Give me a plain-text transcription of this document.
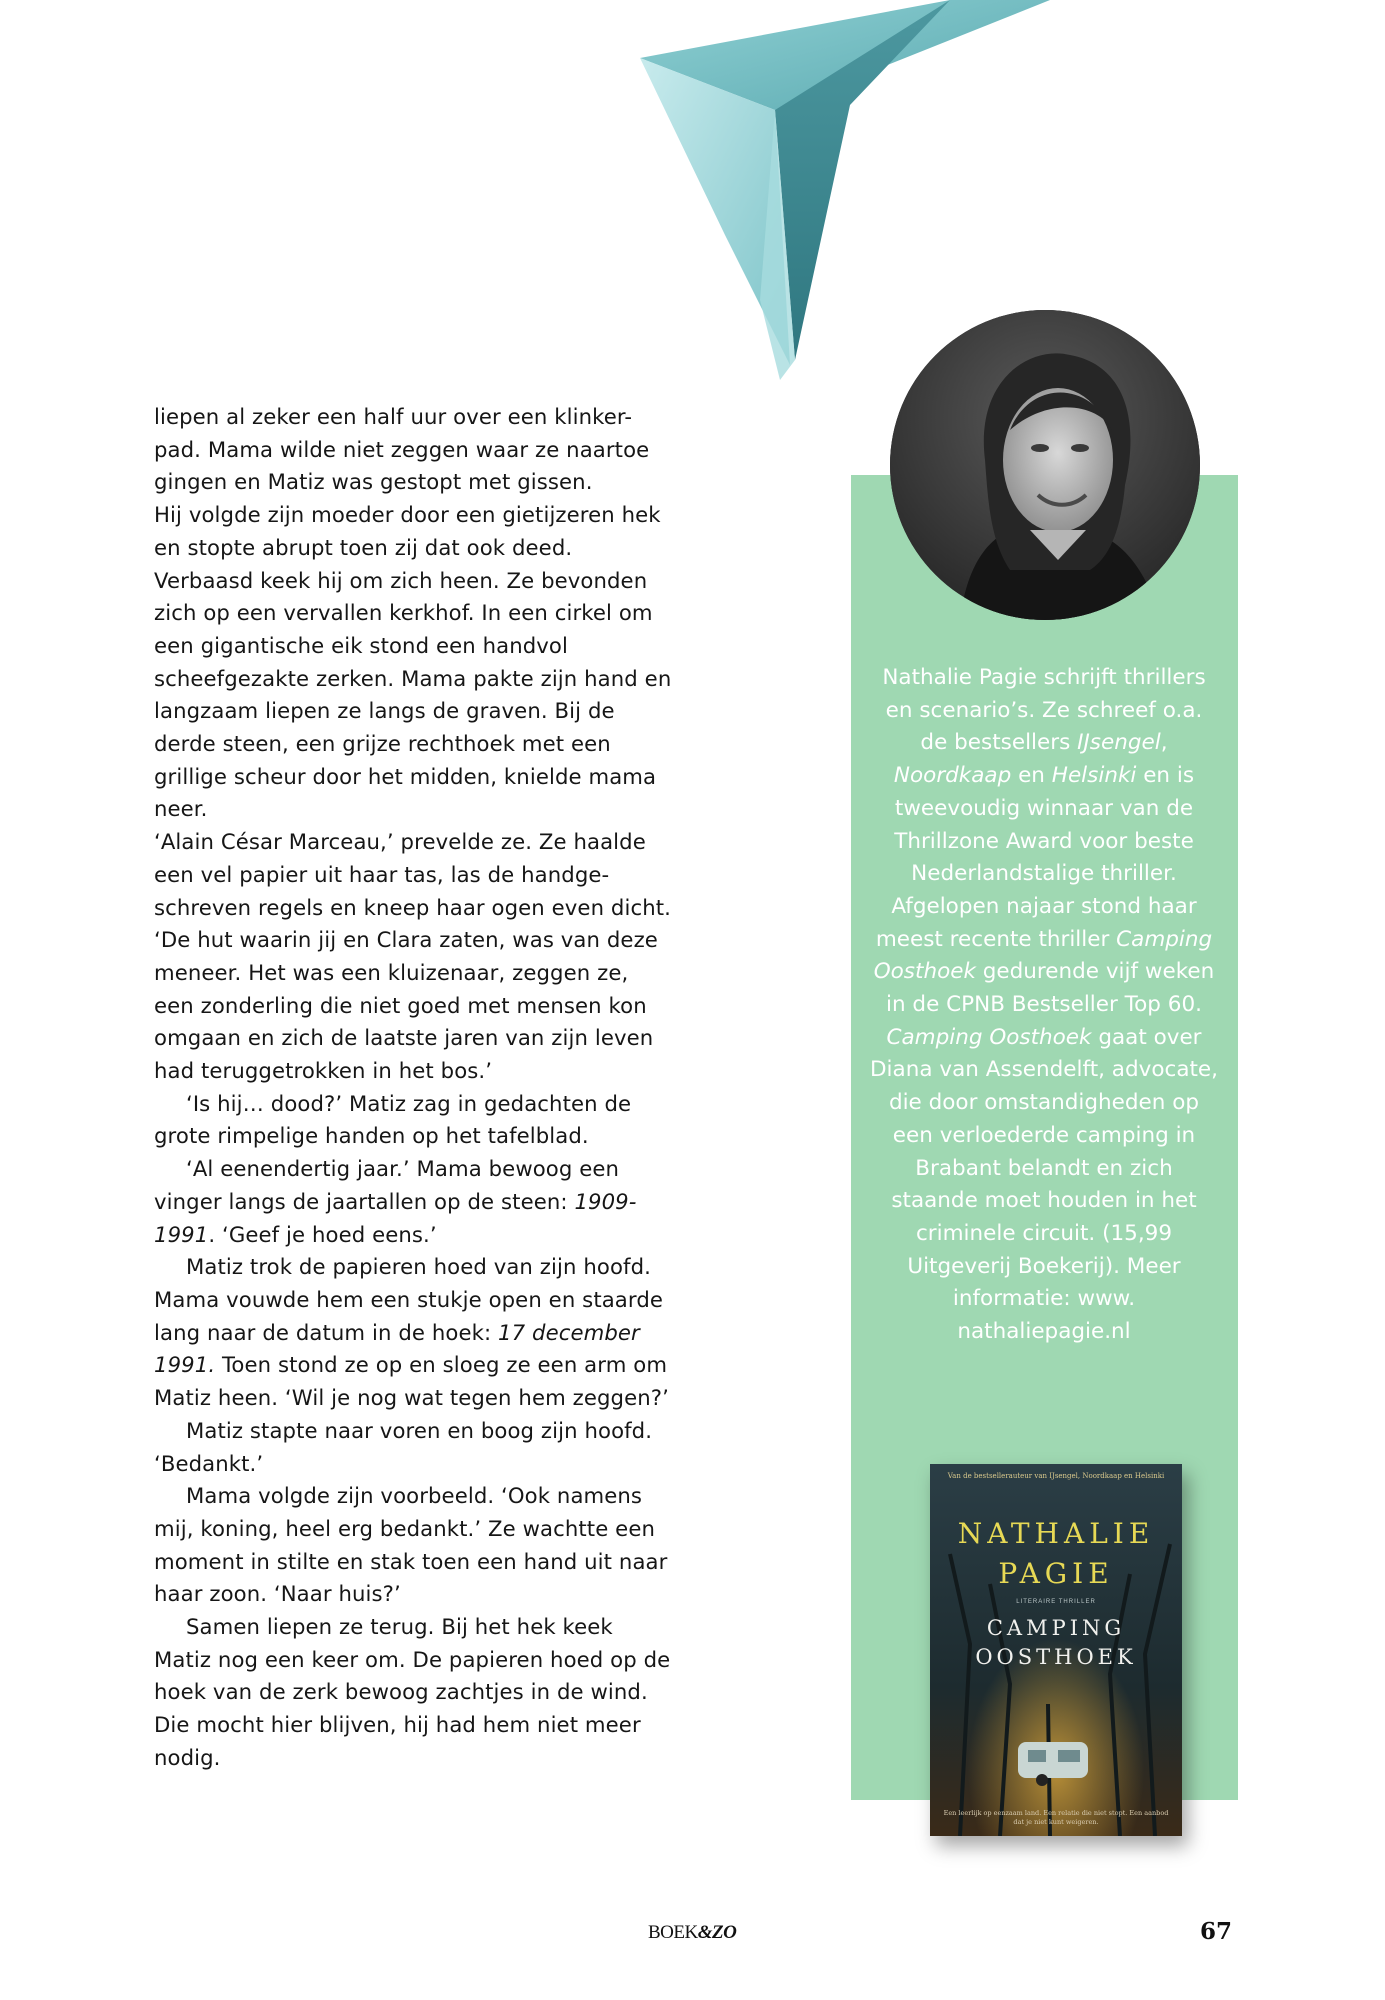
liepen al zeker een half uur over een klinker-pad. Mama wilde niet zeggen waar ze naartoe gingen en Matiz was gestopt met gissen.

Hij volgde zijn moeder door een gietijzeren hek en stopte abrupt toen zij dat ook deed. Verbaasd keek hij om zich heen. Ze bevonden zich op een vervallen kerkhof. In een cirkel om een gigantische eik stond een handvol scheefgezakte zerken. Mama pakte zijn hand en langzaam liepen ze langs de graven. Bij de derde steen, een grijze rechthoek met een grillige scheur door het midden, knielde mama neer.

‘Alain César Marceau,’ prevelde ze. Ze haalde een vel papier uit haar tas, las de handge-schreven regels en kneep haar ogen even dicht. ‘De hut waarin jij en Clara zaten, was van deze meneer. Het was een kluizenaar, zeggen ze, een zonderling die niet goed met mensen kon omgaan en zich de laatste jaren van zijn leven had teruggetrokken in het bos.’

‘Is hij… dood?’ Matiz zag in gedachten de grote rimpelige handen op het tafelblad.

‘Al eenendertig jaar.’ Mama bewoog een vinger langs de jaartallen op de steen: 1909-1991. ‘Geef je hoed eens.’

Matiz trok de papieren hoed van zijn hoofd. Mama vouwde hem een stukje open en staarde lang naar de datum in de hoek: 17 december 1991. Toen stond ze op en sloeg ze een arm om Matiz heen. ‘Wil je nog wat tegen hem zeggen?’

Matiz stapte naar voren en boog zijn hoofd.

‘Bedankt.’

Mama volgde zijn voorbeeld. ‘Ook namens mij, koning, heel erg bedankt.’ Ze wachtte een moment in stilte en stak toen een hand uit naar haar zoon. ‘Naar huis?’

Samen liepen ze terug. Bij het hek keek Matiz nog een keer om. De papieren hoed op de hoek van de zerk bewoog zachtjes in de wind. Die mocht hier blijven, hij had hem niet meer nodig.

Nathalie Pagie schrijft thrillers en scenario’s. Ze schreef o.a. de bestsellers IJsengel, Noordkaap en Helsinki en is tweevoudig winnaar van de Thrillzone Award voor beste Nederlandstalige thriller. Afgelopen najaar stond haar meest recente thriller Camping Oosthoek gedurende vijf weken in de CPNB Bestseller Top 60. Camping Oosthoek gaat over Diana van Assendelft, advocate, die door omstandigheden op een verloederde camping in Brabant belandt en zich staande moet houden in het criminele circuit. (15,99 Uitgeverij Boekerij). Meer informatie: www. nathaliepagie.nl
Van de bestsellerauteur van IJsengel, Noordkaap en Helsinki
NATHALIE
PAGIE
LITERAIRE THRILLER
CAMPING
OOSTHOEK
Een leerlijk op eenzaam land. Een relatie die niet stopt. Een aanbod dat je niet kunt weigeren.
BOEK&ZO	67
